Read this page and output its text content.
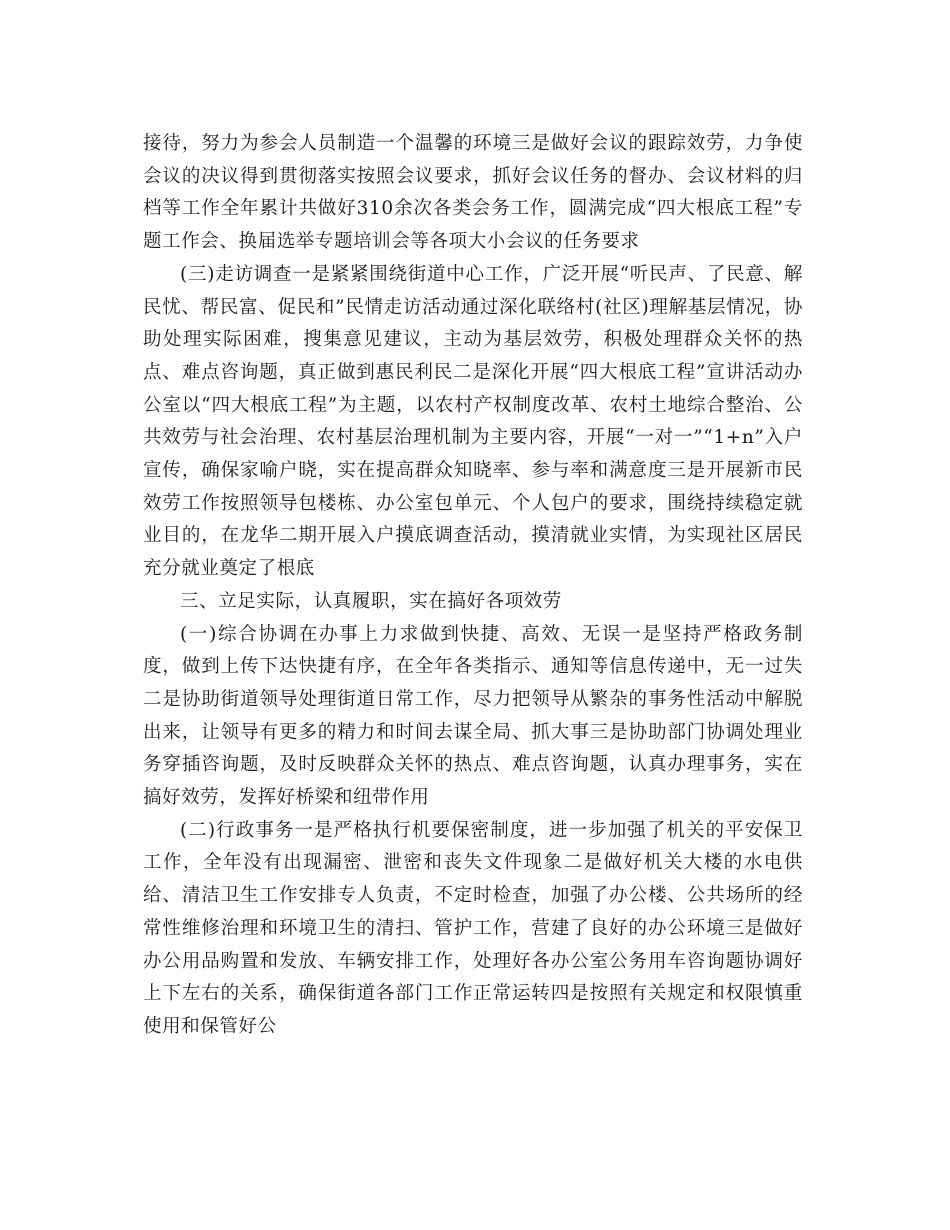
接待，努力为参会人员制造一个温馨的环境三是做好会议的跟踪效劳，力争使会议的决议得到贯彻落实按照会议要求，抓好会议任务的督办、会议材料的归档等工作全年累计共做好310余次各类会务工作，圆满完成“四大根底工程”专题工作会、换届选举专题培训会等各项大小会议的任务要求

(三)走访调查一是紧紧围绕街道中心工作，广泛开展“听民声、了民意、解民忧、帮民富、促民和”民情走访活动通过深化联络村(社区)理解基层情况，协助处理实际困难，搜集意见建议，主动为基层效劳，积极处理群众关怀的热点、难点咨询题，真正做到惠民利民二是深化开展“四大根底工程”宣讲活动办公室以“四大根底工程”为主题，以农村产权制度改革、农村土地综合整治、公共效劳与社会治理、农村基层治理机制为主要内容，开展“一对一”“1+n”入户宣传，确保家喻户晓，实在提高群众知晓率、参与率和满意度三是开展新市民效劳工作按照领导包楼栋、办公室包单元、个人包户的要求，围绕持续稳定就业目的，在龙华二期开展入户摸底调查活动，摸清就业实情，为实现社区居民充分就业奠定了根底

三、立足实际，认真履职，实在搞好各项效劳

(一)综合协调在办事上力求做到快捷、高效、无误一是坚持严格政务制度，做到上传下达快捷有序，在全年各类指示、通知等信息传递中，无一过失二是协助街道领导处理街道日常工作，尽力把领导从繁杂的事务性活动中解脱出来，让领导有更多的精力和时间去谋全局、抓大事三是协助部门协调处理业务穿插咨询题，及时反映群众关怀的热点、难点咨询题，认真办理事务，实在搞好效劳，发挥好桥梁和纽带作用

(二)行政事务一是严格执行机要保密制度，进一步加强了机关的平安保卫工作，全年没有出现漏密、泄密和丧失文件现象二是做好机关大楼的水电供给、清洁卫生工作安排专人负责，不定时检查，加强了办公楼、公共场所的经常性维修治理和环境卫生的清扫、管护工作，营建了良好的办公环境三是做好办公用品购置和发放、车辆安排工作，处理好各办公室公务用车咨询题协调好上下左右的关系，确保街道各部门工作正常运转四是按照有关规定和权限慎重使用和保管好公
